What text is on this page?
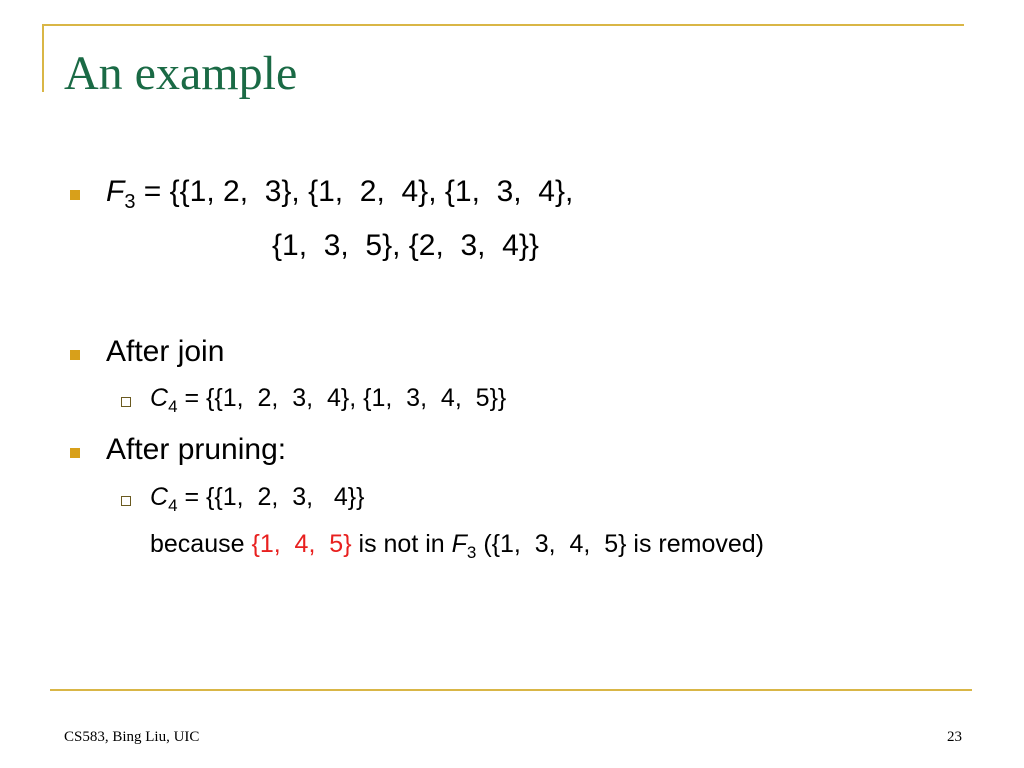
An example
$F_3 = \{\{1$, 2,  3}, {1,  2,  4}, {1,  3,  4},
{1,  3,  5}, {2,  3,  4}}
After join
$C_4 = \{\{1$,  2,  3,  4}, {1,  3,  4,  5}}
After pruning:
$C_4 = \{\{1$,  2,  3,   4}}
because {1,  4,  5} is not in $F_3$ ({1,  3,  4,  5} is removed)
CS583, Bing Liu, UIC	23
